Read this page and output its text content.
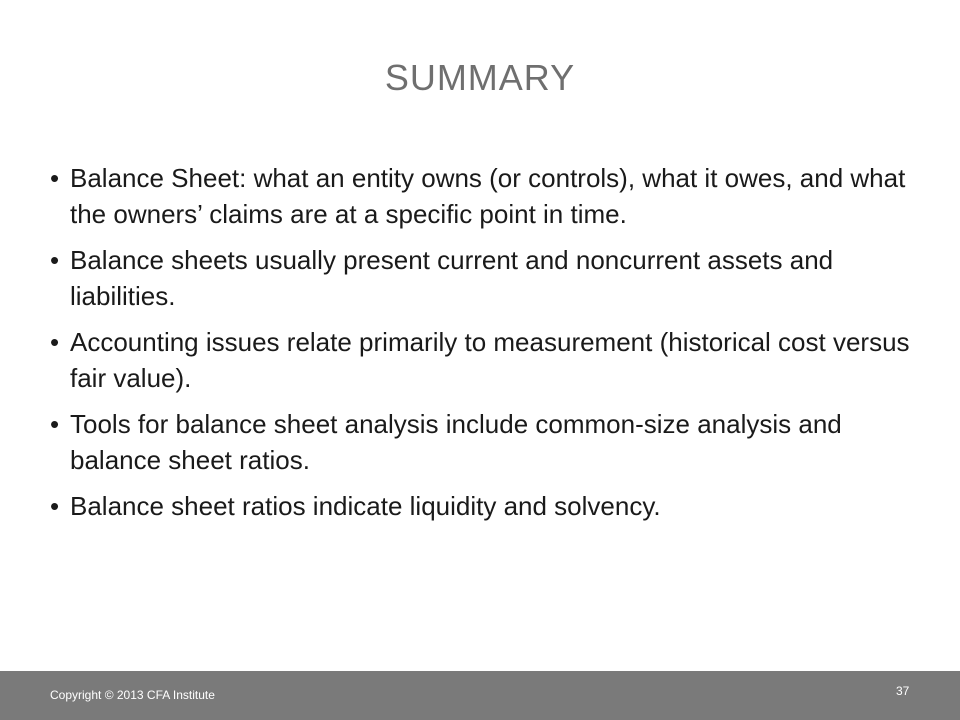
SUMMARY
• Balance Sheet: what an entity owns (or controls), what it owes, and what the owners’ claims are at a specific point in time.
• Balance sheets usually present current and noncurrent assets and liabilities.
• Accounting issues relate primarily to measurement (historical cost versus fair value).
• Tools for balance sheet analysis include common-size analysis and balance sheet ratios.
• Balance sheet ratios indicate liquidity and solvency.
Copyright © 2013 CFA Institute	37
